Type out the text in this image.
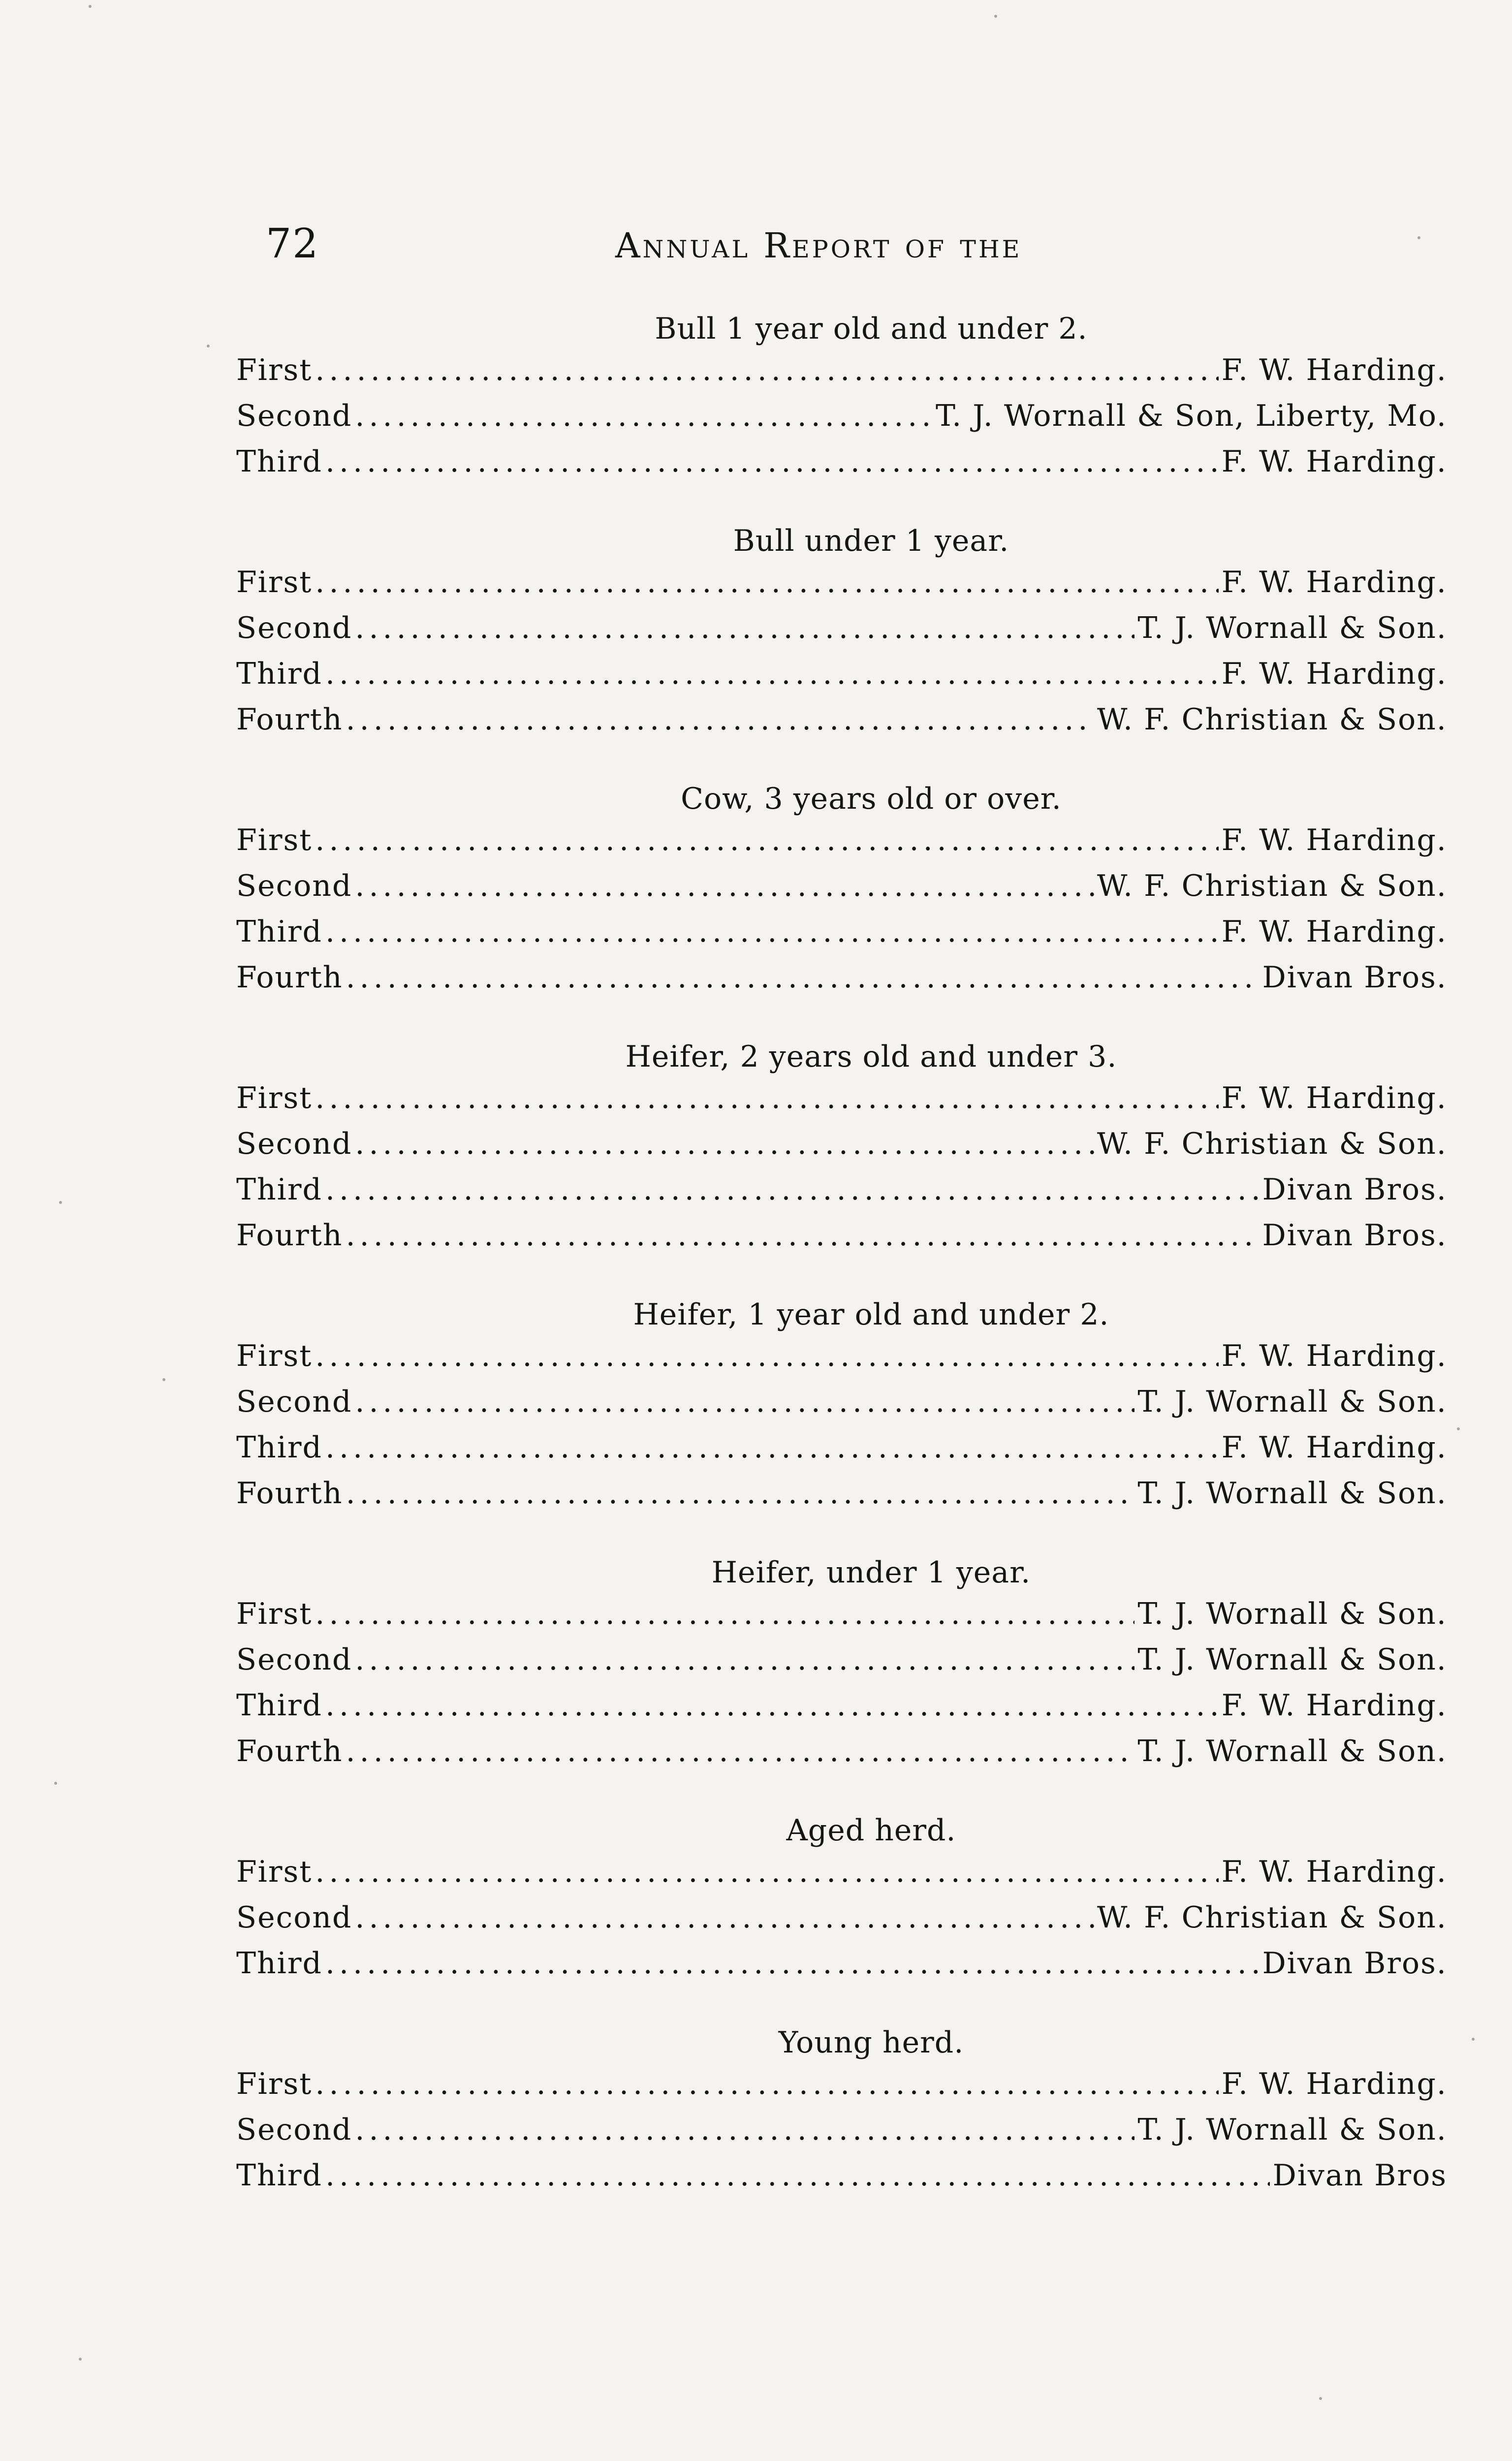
72	Annual Report of the
Bull 1 year old and under 2.
First .....	F. W. Harding.
Second .....	T. J. Wornall & Son, Liberty, Mo.
Third .....	F. W. Harding.
Bull under 1 year.
First .....	F. W. Harding.
Second .....	T. J. Wornall & Son.
Third .....	F. W. Harding.
Fourth .....	W. F. Christian & Son.
Cow, 3 years old or over.
First .....	F. W. Harding.
Second .....	W. F. Christian & Son.
Third .....	F. W. Harding.
Fourth .....	Divan Bros.
Heifer, 2 years old and under 3.
First .....	F. W. Harding.
Second .....	W. F. Christian & Son.
Third .....	Divan Bros.
Fourth .....	Divan Bros.
Heifer, 1 year old and under 2.
First .....	F. W. Harding.
Second .....	T. J. Wornall & Son.
Third .....	F. W. Harding.
Fourth .....	T. J. Wornall & Son.
Heifer, under 1 year.
First .....	T. J. Wornall & Son.
Second .....	T. J. Wornall & Son.
Third .....	F. W. Harding.
Fourth .....	T. J. Wornall & Son.
Aged herd.
First .....	F. W. Harding.
Second .....	W. F. Christian & Son.
Third .....	Divan Bros.
Young herd.
First .....	F. W. Harding.
Second .....	T. J. Wornall & Son.
Third .....	Divan Bros
